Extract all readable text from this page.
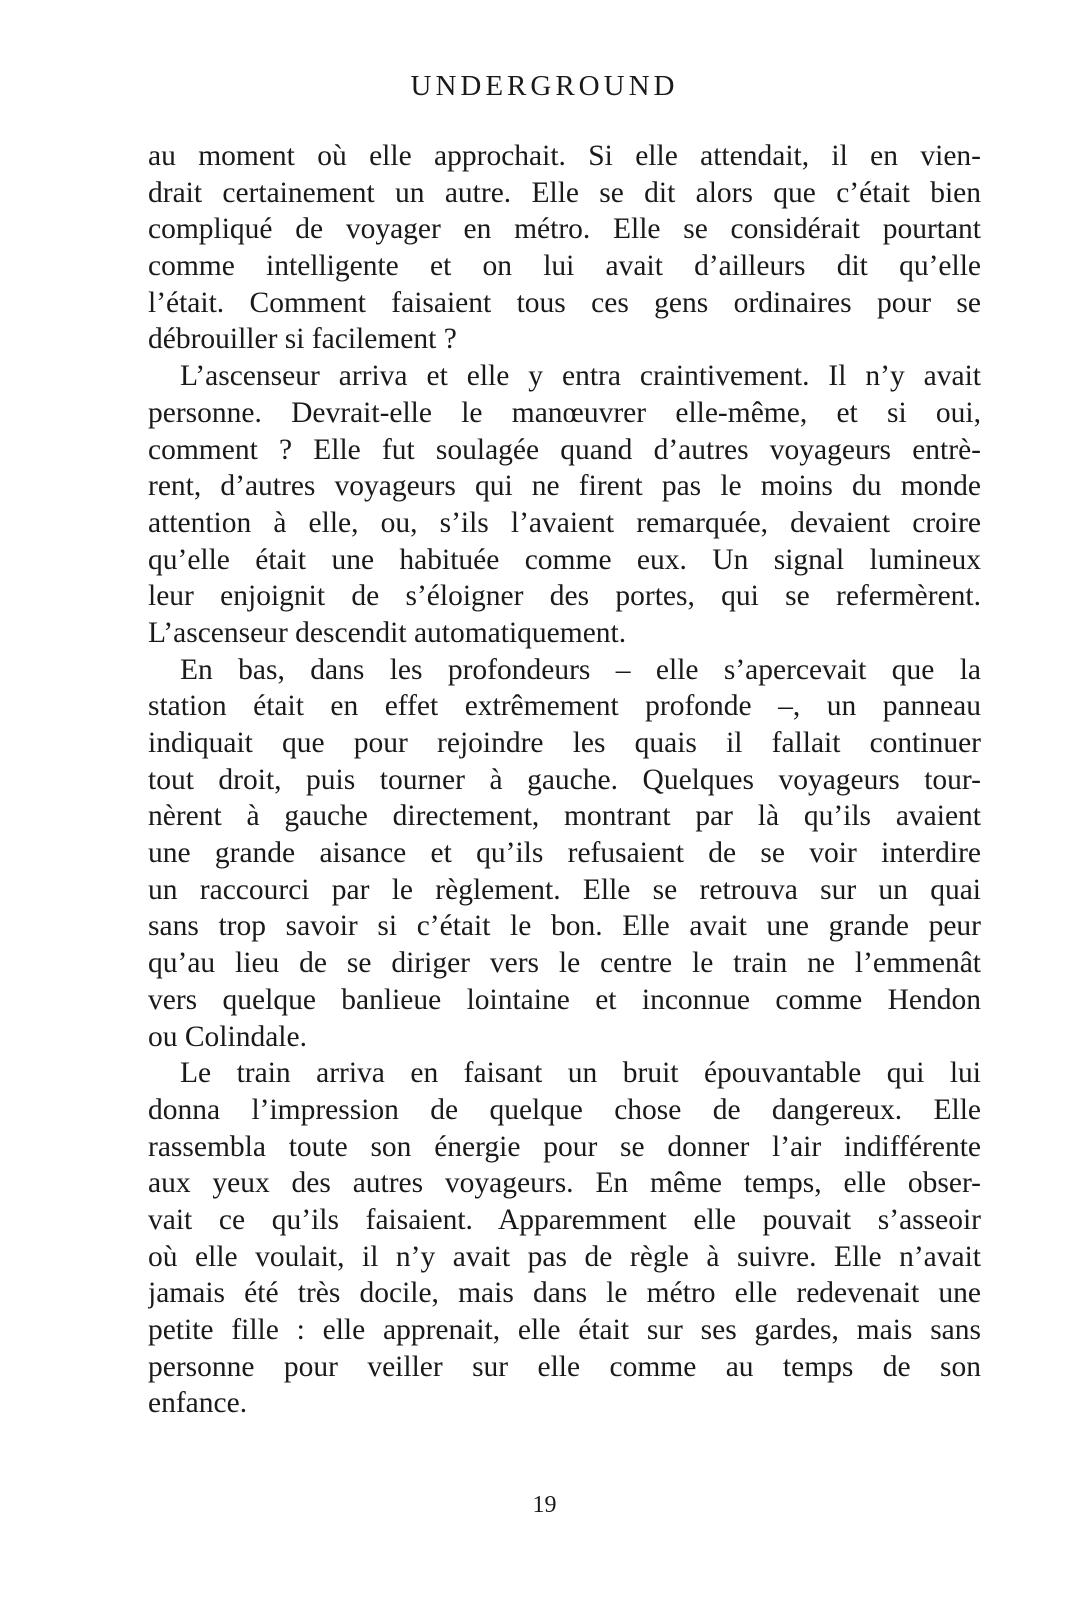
UNDERGROUND

au moment où elle approchait. Si elle attendait, il en vien-
drait certainement un autre. Elle se dit alors que c’était bien
compliqué de voyager en métro. Elle se considérait pourtant
comme intelligente et on lui avait d’ailleurs dit qu’elle
l’était. Comment faisaient tous ces gens ordinaires pour se
débrouiller si facilement ?

L’ascenseur arriva et elle y entra craintivement. Il n’y avait
personne. Devrait-elle le manœuvrer elle-même, et si oui,
comment ? Elle fut soulagée quand d’autres voyageurs entrè-
rent, d’autres voyageurs qui ne firent pas le moins du monde
attention à elle, ou, s’ils l’avaient remarquée, devaient croire
qu’elle était une habituée comme eux. Un signal lumineux
leur enjoignit de s’éloigner des portes, qui se refermèrent.
L’ascenseur descendit automatiquement.

En bas, dans les profondeurs – elle s’apercevait que la
station était en effet extrêmement profonde –, un panneau
indiquait que pour rejoindre les quais il fallait continuer
tout droit, puis tourner à gauche. Quelques voyageurs tour-
nèrent à gauche directement, montrant par là qu’ils avaient
une grande aisance et qu’ils refusaient de se voir interdire
un raccourci par le règlement. Elle se retrouva sur un quai
sans trop savoir si c’était le bon. Elle avait une grande peur
qu’au lieu de se diriger vers le centre le train ne l’emmenât
vers quelque banlieue lointaine et inconnue comme Hendon
ou Colindale.

Le train arriva en faisant un bruit épouvantable qui lui
donna l’impression de quelque chose de dangereux. Elle
rassembla toute son énergie pour se donner l’air indifférente
aux yeux des autres voyageurs. En même temps, elle obser-
vait ce qu’ils faisaient. Apparemment elle pouvait s’asseoir
où elle voulait, il n’y avait pas de règle à suivre. Elle n’avait
jamais été très docile, mais dans le métro elle redevenait une
petite fille : elle apprenait, elle était sur ses gardes, mais sans
personne pour veiller sur elle comme au temps de son
enfance.

19
